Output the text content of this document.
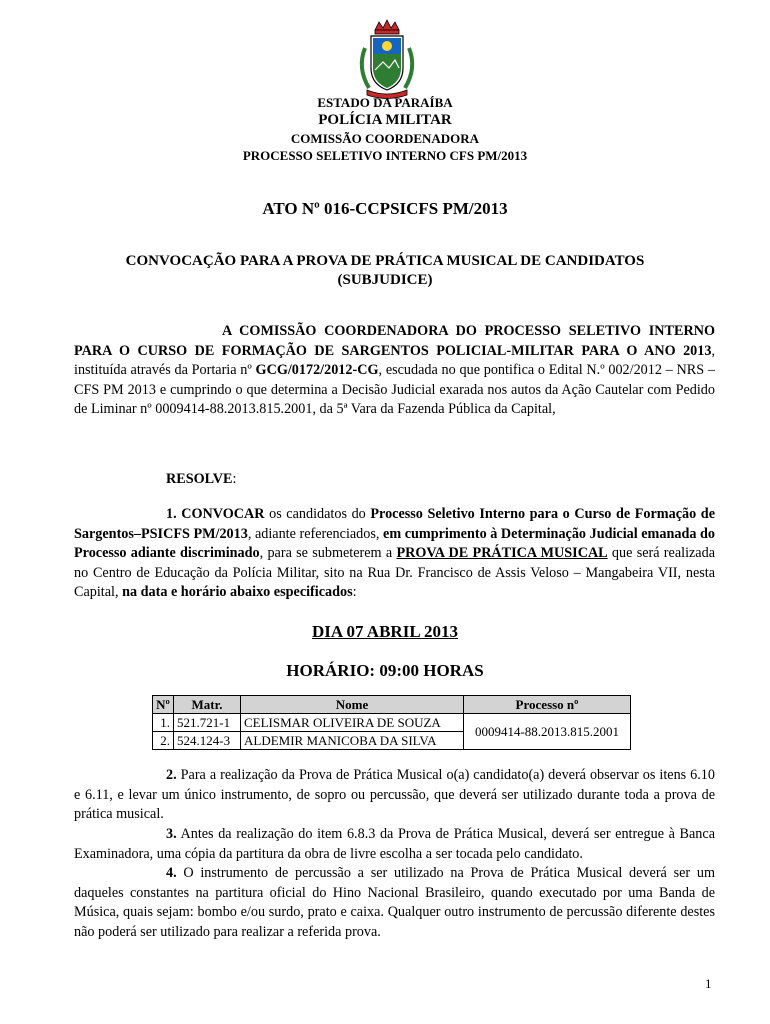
ESTADO DA PARAÍBA
POLÍCIA MILITAR
COMISSÃO COORDENADORA
PROCESSO SELETIVO INTERNO CFS PM/2013
ATO Nº 016-CCPSICFS PM/2013
CONVOCAÇÃO PARA A PROVA DE PRÁTICA MUSICAL DE CANDIDATOS
(SUBJUDICE)

A COMISSÃO COORDENADORA DO PROCESSO SELETIVO INTERNO PARA O CURSO DE FORMAÇÃO DE SARGENTOS POLICIAL-MILITAR PARA O ANO 2013, instituída através da Portaria nº GCG/0172/2012-CG, escudada no que pontifica o Edital N.º 002/2012 – NRS – CFS PM 2013 e cumprindo o que determina a Decisão Judicial exarada nos autos da Ação Cautelar com Pedido de Liminar nº 0009414-88.2013.815.2001, da 5ª Vara da Fazenda Pública da Capital,

RESOLVE:

1. CONVOCAR os candidatos do Processo Seletivo Interno para o Curso de Formação de Sargentos–PSICFS PM/2013, adiante referenciados, em cumprimento à Determinação Judicial emanada do Processo adiante discriminado, para se submeterem a PROVA DE PRÁTICA MUSICAL que será realizada no Centro de Educação da Polícia Militar, sito na Rua Dr. Francisco de Assis Veloso – Mangabeira VII, nesta Capital, na data e horário abaixo especificados:

DIA 07 ABRIL 2013
HORÁRIO: 09:00 HORAS
Nº	Matr.	Nome	Processo nº
1.	521.721-1	CELISMAR OLIVEIRA DE SOUZA	0009414-88.2013.815.2001
2.	524.124-3	ALDEMIR MANICOBA DA SILVA	

2. Para a realização da Prova de Prática Musical o(a) candidato(a) deverá observar os itens 6.10 e 6.11, e levar um único instrumento, de sopro ou percussão, que deverá ser utilizado durante toda a prova de prática musical.

3. Antes da realização do item 6.8.3 da Prova de Prática Musical, deverá ser entregue à Banca Examinadora, uma cópia da partitura da obra de livre escolha a ser tocada pelo candidato.

4. O instrumento de percussão a ser utilizado na Prova de Prática Musical deverá ser um daqueles constantes na partitura oficial do Hino Nacional Brasileiro, quando executado por uma Banda de Música, quais sejam: bombo e/ou surdo, prato e caixa. Qualquer outro instrumento de percussão diferente destes não poderá ser utilizado para realizar a referida prova.

1
